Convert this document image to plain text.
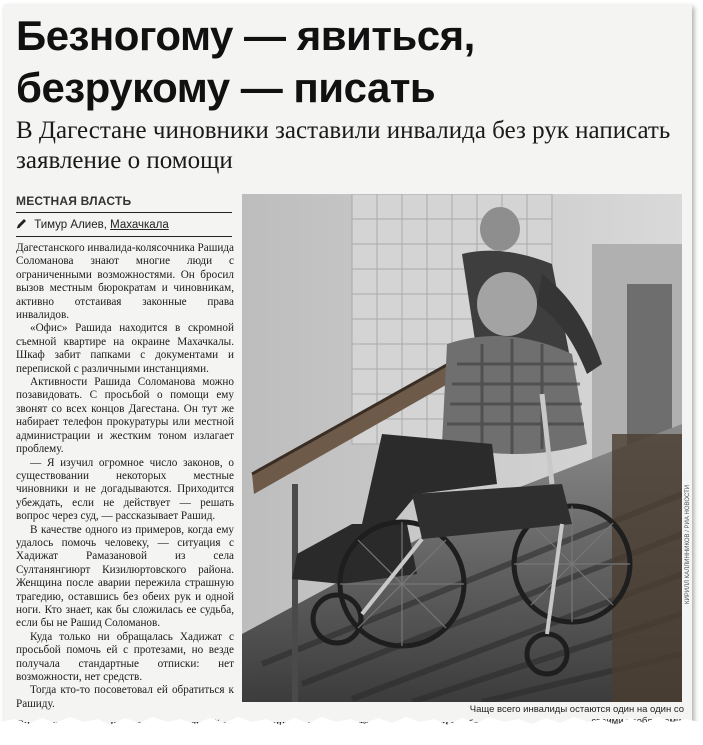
Безногому — явиться,
безрукому — писать
В Дагестане чиновники заставили инвалида без рук написать заявление о помощи
МЕСТНАЯ ВЛАСТЬ
Тимур Алиев, Махачкала

Дагестанского инвалида-колясочника Рашида Соломанова знают многие люди с ограниченными возможностями. Он бросил вызов местным бюрократам и чиновникам, активно отстаивая законные права инвалидов.

«Офис» Рашида находится в скромной съемной квартире на окраине Махачкалы. Шкаф забит папками с документами и перепиской с различными инстанциями.

Активности Рашида Соломанова можно позавидовать. С просьбой о помощи ему звонят со всех концов Дагестана. Он тут же набирает телефон прокуратуры или местной администрации и жестким тоном излагает проблему.

— Я изучил огромное число законов, о существовании некоторых местные чиновники и не догадываются. Приходится убеждать, если не действует — решать вопрос через суд, — рассказывает Рашид.

В качестве одного из примеров, когда ему удалось помочь человеку, — ситуация с Хадижат Рамазановой из села Султанянгиюрт Кизилюртовского района. Женщина после аварии пережила страшную трагедию, оставшись без обеих рук и одной ноги. Кто знает, как бы сложилась ее судьба, если бы не Рашид Соломанов.

Куда только ни обращалась Хадижат с просьбой помочь ей с протезами, но везде получала стандартные отписки: нет возможности, нет средств.

Тогда кто-то посоветовал ей обратиться к Рашиду.

КИРИЛЛ КАЛЛИННИКОВ / РИА НОВОСТИ
Чаще всего инвалиды остаются один на один со
